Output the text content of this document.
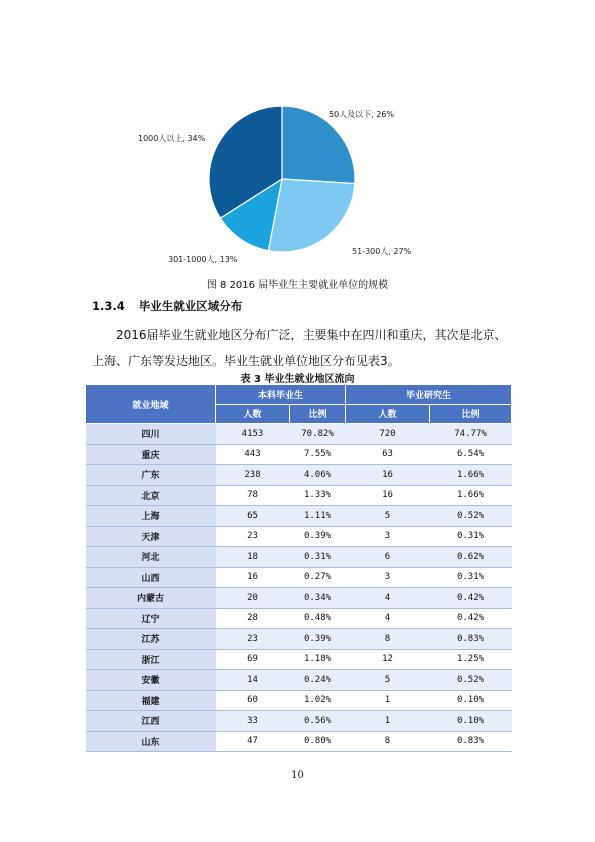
50人及以下, 26%
51-300人, 27%
301-1000人, 13%
1000人以上, 34%
图 8 2016 届毕业生主要就业单位的规模
1.3.4 毕业生就业区域分布
2016届毕业生就业地区分布广泛，主要集中在四川和重庆，其次是北京、
上海、广东等发达地区。毕业生就业单位地区分布见表3。
表 3 毕业生就业地区流向
就业地域	本科毕业生		毕业研究生	
	人数	比例	人数	比例
四川	4153	70.82%	720	74.77%
重庆	443	7.55%	63	6.54%
广东	238	4.06%	16	1.66%
北京	78	1.33%	16	1.66%
上海	65	1.11%	5	0.52%
天津	23	0.39%	3	0.31%
河北	18	0.31%	6	0.62%
山西	16	0.27%	3	0.31%
内蒙古	20	0.34%	4	0.42%
辽宁	28	0.48%	4	0.42%
江苏	23	0.39%	8	0.83%
浙江	69	1.18%	12	1.25%
安徽	14	0.24%	5	0.52%
福建	60	1.02%	1	0.10%
江西	33	0.56%	1	0.10%
山东	47	0.80%	8	0.83%
10
